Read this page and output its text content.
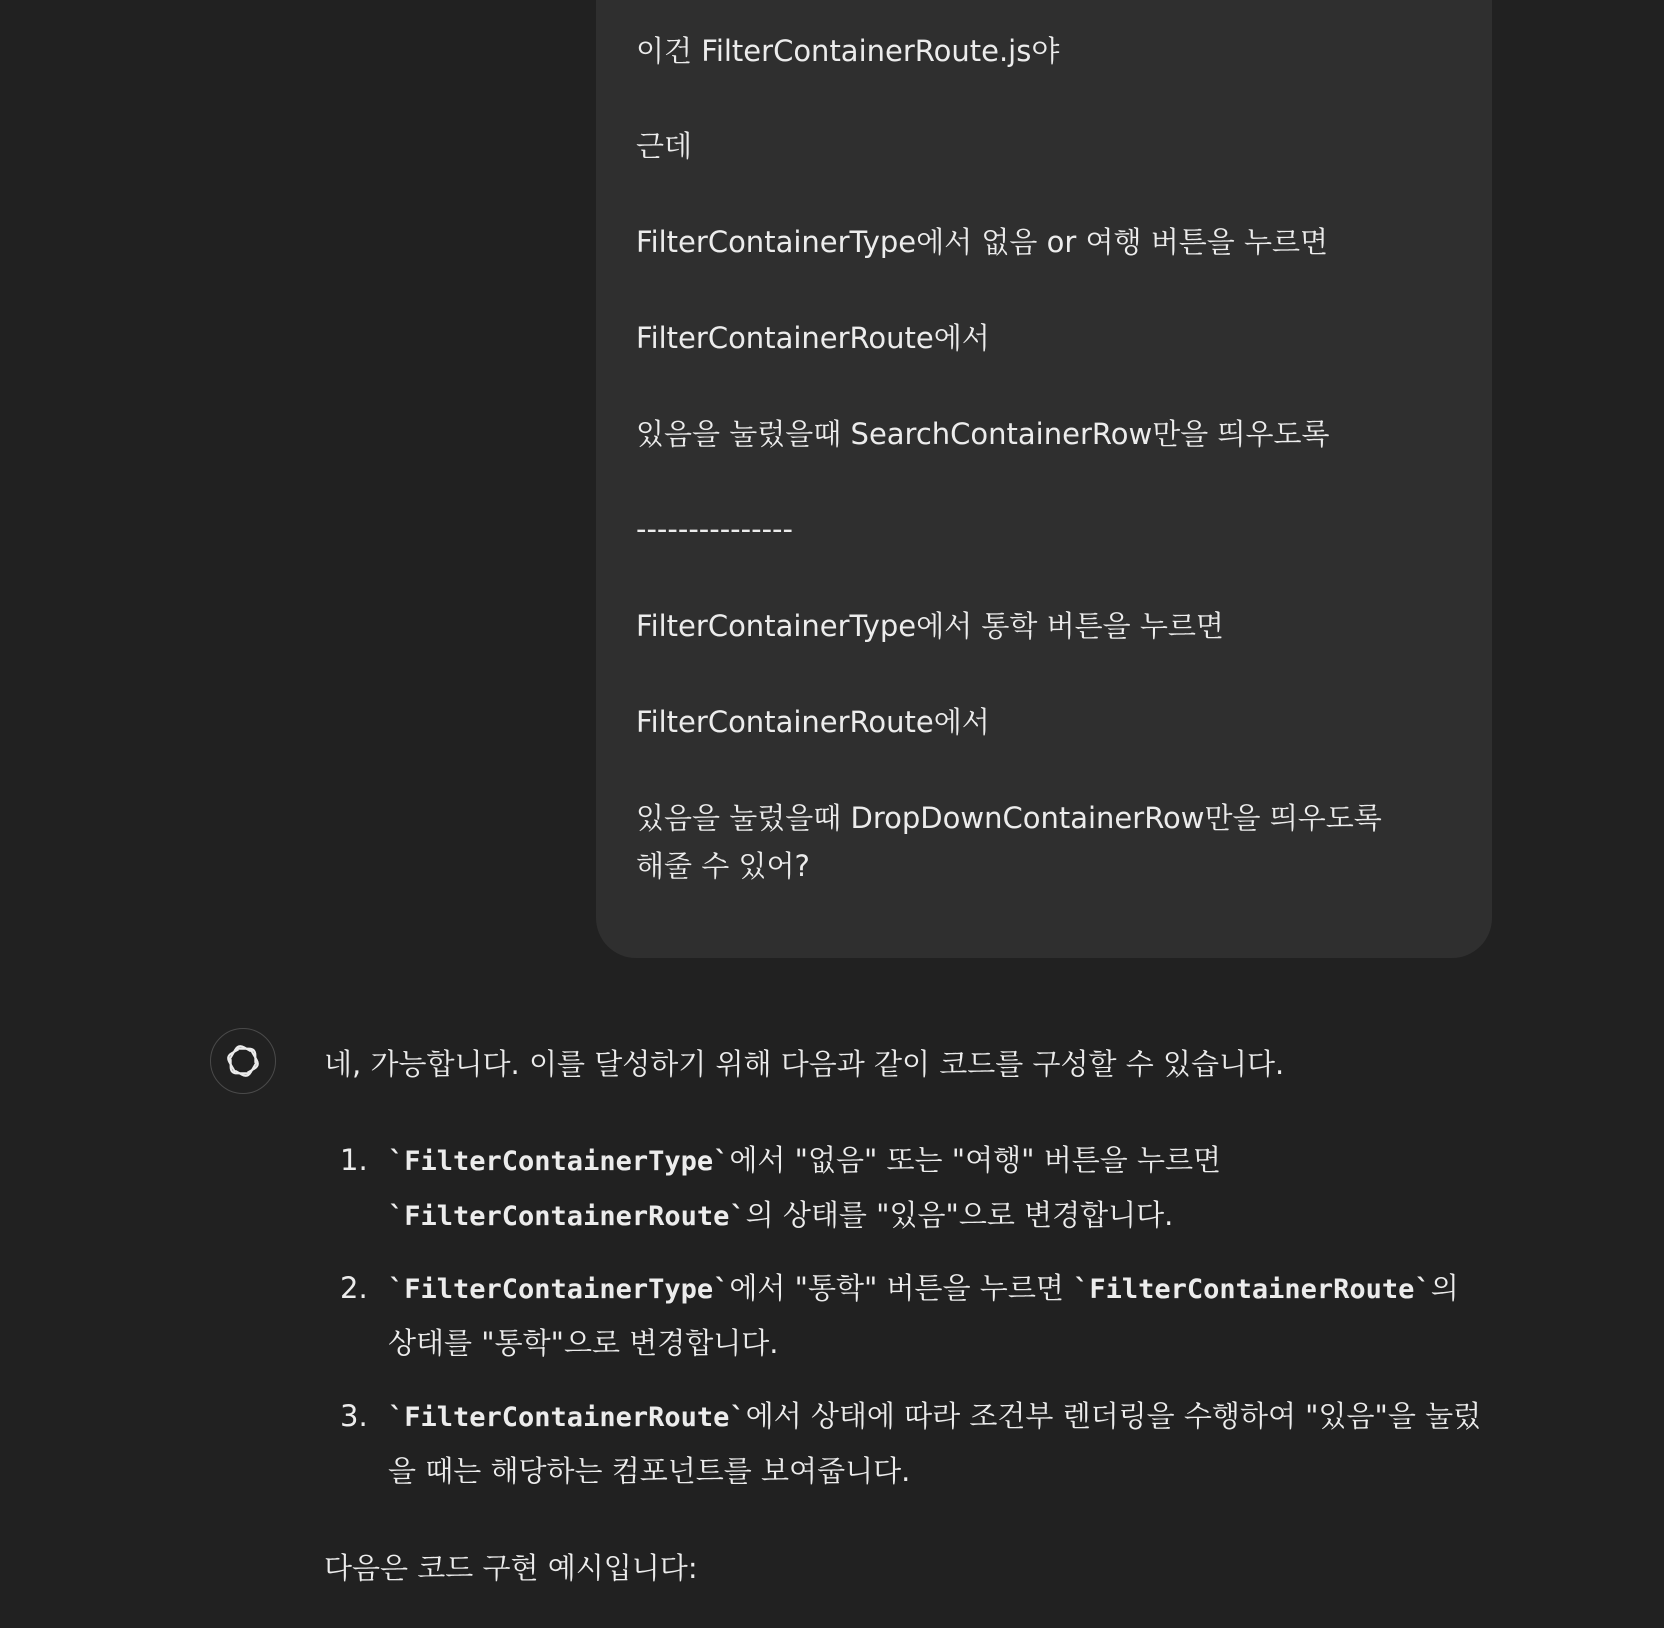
이건 FilterContainerRoute.js야
근데
FilterContainerType에서 없음 or 여행 버튼을 누르면
FilterContainerRoute에서
있음을 눌렀을때 SearchContainerRow만을 띄우도록
---------------
FilterContainerType에서 통학 버튼을 누르면
FilterContainerRoute에서
있음을 눌렀을때 DropDownContainerRow만을 띄우도록
해줄 수 있어?
네, 가능합니다. 이를 달성하기 위해 다음과 같이 코드를 구성할 수 있습니다.
1. `FilterContainerType`에서 "없음" 또는 "여행" 버튼을 누르면
`FilterContainerRoute`의 상태를 "있음"으로 변경합니다.
2. `FilterContainerType`에서 "통학" 버튼을 누르면 `FilterContainerRoute`의
상태를 "통학"으로 변경합니다.
3. `FilterContainerRoute`에서 상태에 따라 조건부 렌더링을 수행하여 "있음"을 눌렀
을 때는 해당하는 컴포넌트를 보여줍니다.
다음은 코드 구현 예시입니다:
